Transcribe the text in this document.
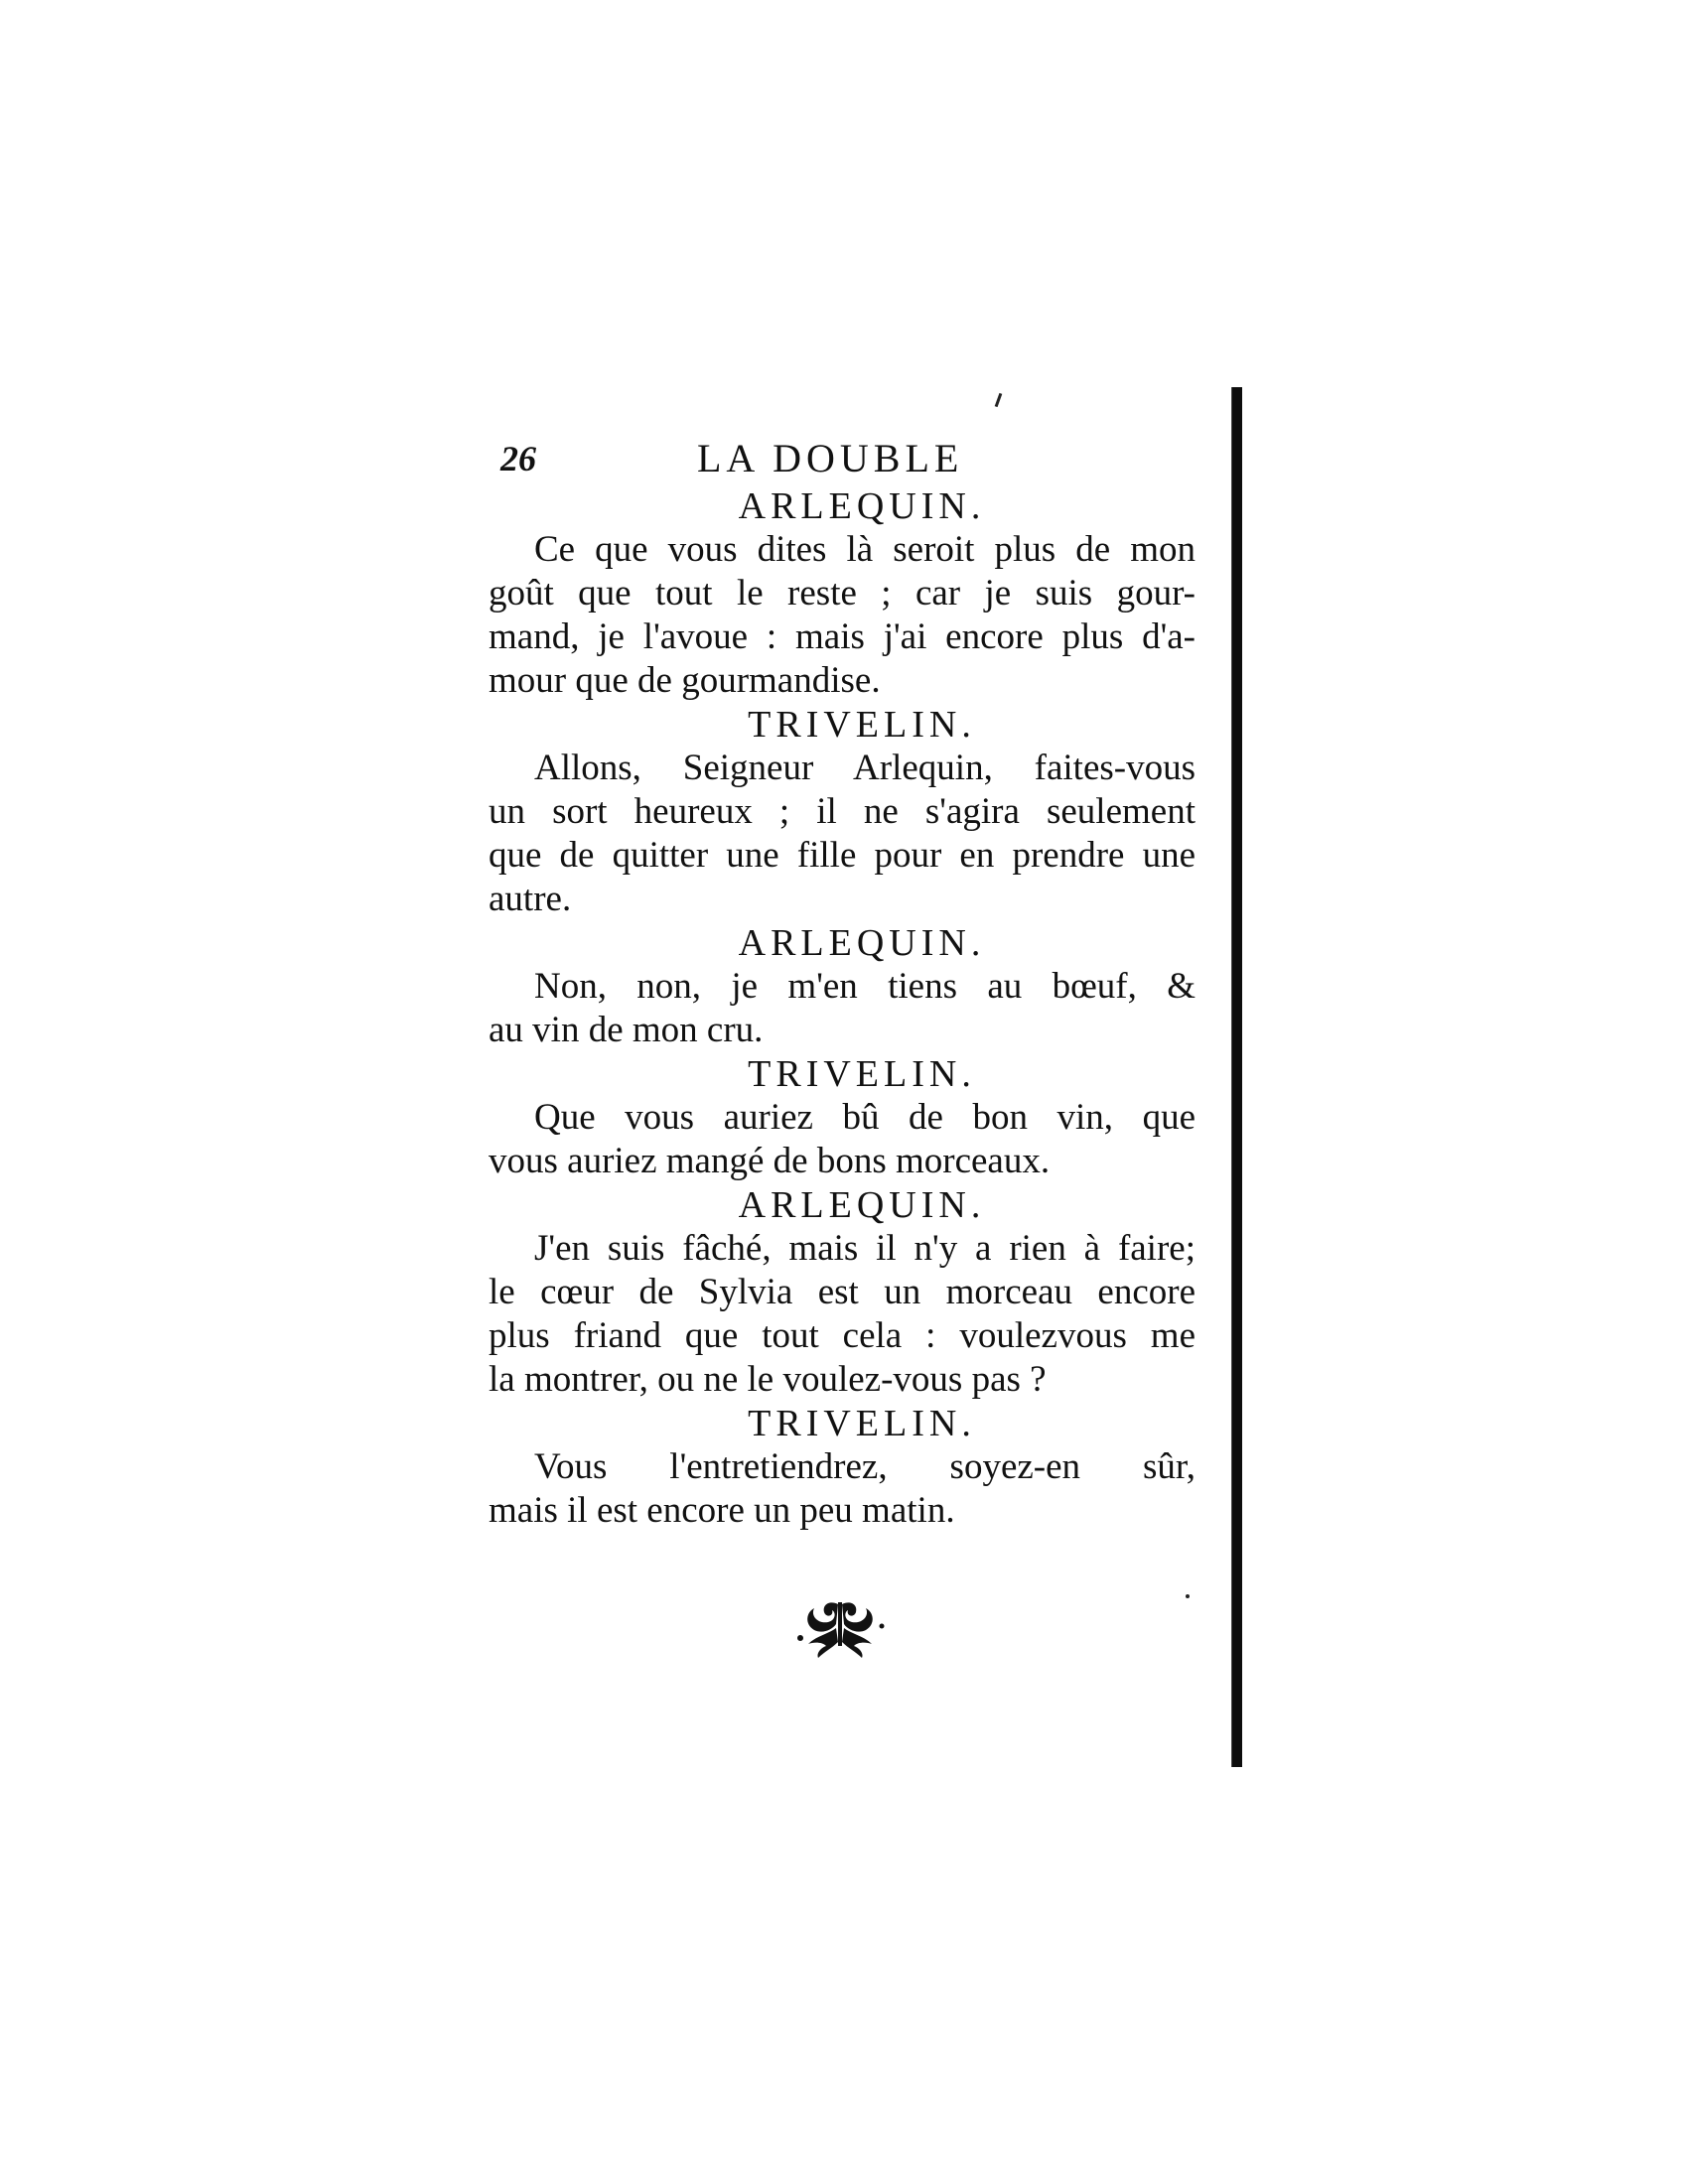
26	LA DOUBLE
ARLEQUIN.
Ce que vous dites là seroit plus de mon
goût que tout le reste ; car je suis gour-
mand, je l'avoue : mais j'ai encore plus d'a-
mour que de gourmandise.
TRIVELIN.
Allons, Seigneur Arlequin, faites-vous
un sort heureux ; il ne s'agira seulement
que de quitter une fille pour en prendre une
autre.
ARLEQUIN.
Non, non, je m'en tiens au bœuf, &
au vin de mon cru.
TRIVELIN.
Que vous auriez bû de bon vin, que
vous auriez mangé de bons morceaux.
ARLEQUIN.
J'en suis fâché, mais il n'y a rien à faire;
le cœur de Sylvia est un morceau encore
plus friand que tout cela : voulezvous me
la montrer, ou ne le voulez-vous pas ?
TRIVELIN.
Vous l'entretiendrez, soyez-en sûr,
mais il est encore un peu matin.
